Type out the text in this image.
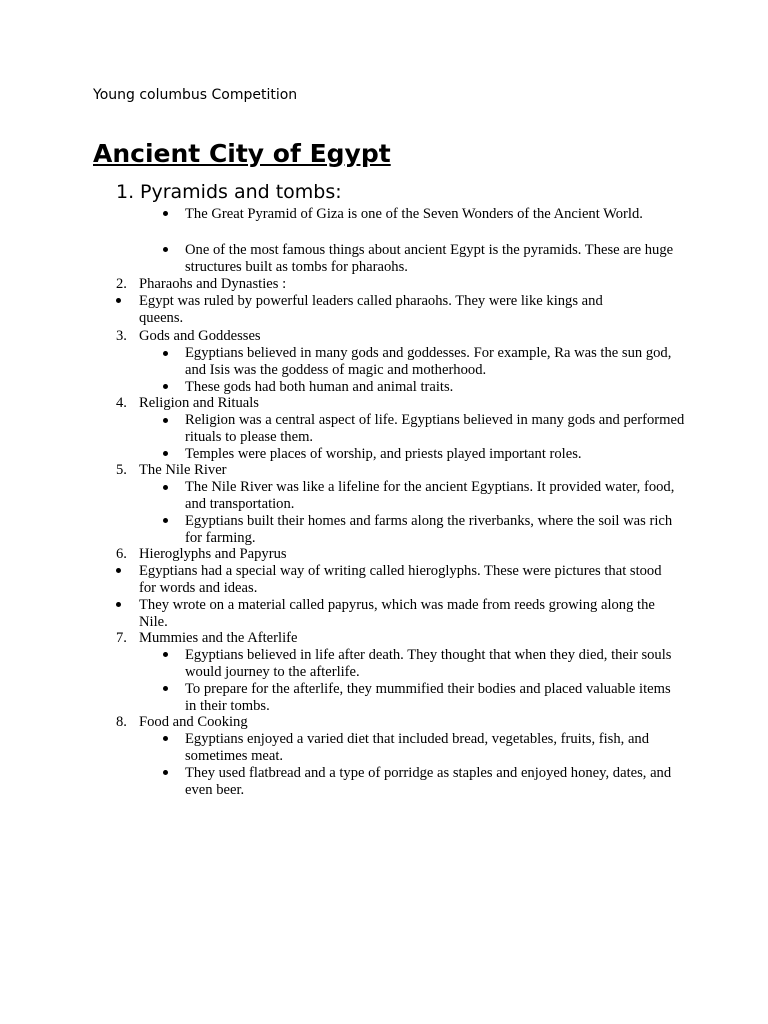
Young columbus Competition
Ancient City of Egypt
1. Pyramids and tombs:
The Great Pyramid of Giza is one of the Seven Wonders of the Ancient World.
One of the most famous things about ancient Egypt is the pyramids. These are huge structures built as tombs for pharaohs.
2. Pharaohs and Dynasties :
Egypt was ruled by powerful leaders called pharaohs. They were like kings and queens.
3. Gods and Goddesses
Egyptians believed in many gods and goddesses. For example, Ra was the sun god, and Isis was the goddess of magic and motherhood.
These gods had both human and animal traits.
4. Religion and Rituals
Religion was a central aspect of life. Egyptians believed in many gods and performed rituals to please them.
Temples were places of worship, and priests played important roles.
5. The Nile River
The Nile River was like a lifeline for the ancient Egyptians. It provided water, food, and transportation.
Egyptians built their homes and farms along the riverbanks, where the soil was rich for farming.
6. Hieroglyphs and Papyrus
Egyptians had a special way of writing called hieroglyphs. These were pictures that stood for words and ideas.
They wrote on a material called papyrus, which was made from reeds growing along the Nile.
7. Mummies and the Afterlife
Egyptians believed in life after death. They thought that when they died, their souls would journey to the afterlife.
To prepare for the afterlife, they mummified their bodies and placed valuable items in their tombs.
8. Food and Cooking
Egyptians enjoyed a varied diet that included bread, vegetables, fruits, fish, and sometimes meat.
They used flatbread and a type of porridge as staples and enjoyed honey, dates, and even beer.
